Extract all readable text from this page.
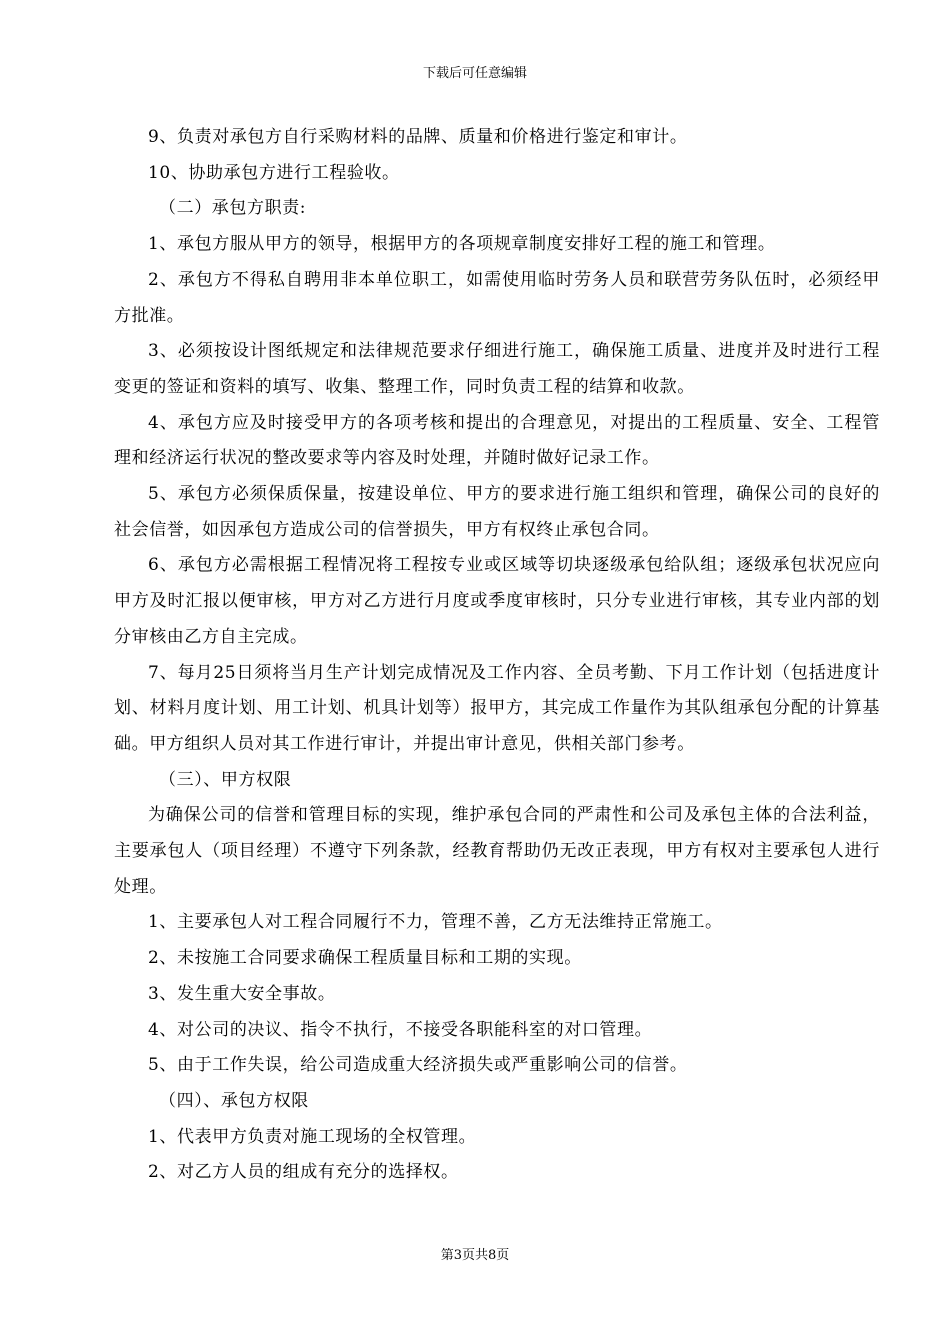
下载后可任意编辑

9、负责对承包方自行采购材料的品牌、质量和价格进行鉴定和审计。

10、协助承包方进行工程验收。

（二）承包方职责:

1、承包方服从甲方的领导，根据甲方的各项规章制度安排好工程的施工和管理。

2、承包方不得私自聘用非本单位职工，如需使用临时劳务人员和联营劳务队伍时，必须经甲方批准。

3、必须按设计图纸规定和法律规范要求仔细进行施工，确保施工质量、进度并及时进行工程变更的签证和资料的填写、收集、整理工作，同时负责工程的结算和收款。

4、承包方应及时接受甲方的各项考核和提出的合理意见，对提出的工程质量、安全、工程管理和经济运行状况的整改要求等内容及时处理，并随时做好记录工作。

5、承包方必须保质保量，按建设单位、甲方的要求进行施工组织和管理，确保公司的良好的社会信誉，如因承包方造成公司的信誉损失，甲方有权终止承包合同。

6、承包方必需根据工程情况将工程按专业或区域等切块逐级承包给队组；逐级承包状况应向甲方及时汇报以便审核，甲方对乙方进行月度或季度审核时，只分专业进行审核，其专业内部的划分审核由乙方自主完成。

7、每月25日须将当月生产计划完成情况及工作内容、全员考勤、下月工作计划（包括进度计划、材料月度计划、用工计划、机具计划等）报甲方，其完成工作量作为其队组承包分配的计算基础。甲方组织人员对其工作进行审计，并提出审计意见，供相关部门参考。

（三）、甲方权限

为确保公司的信誉和管理目标的实现，维护承包合同的严肃性和公司及承包主体的合法利益，主要承包人（项目经理）不遵守下列条款，经教育帮助仍无改正表现，甲方有权对主要承包人进行处理。

1、主要承包人对工程合同履行不力，管理不善，乙方无法维持正常施工。

2、未按施工合同要求确保工程质量目标和工期的实现。

3、发生重大安全事故。

4、对公司的决议、指令不执行，不接受各职能科室的对口管理。

5、由于工作失误，给公司造成重大经济损失或严重影响公司的信誉。

（四）、承包方权限

1、代表甲方负责对施工现场的全权管理。

2、对乙方人员的组成有充分的选择权。

第3页共8页
